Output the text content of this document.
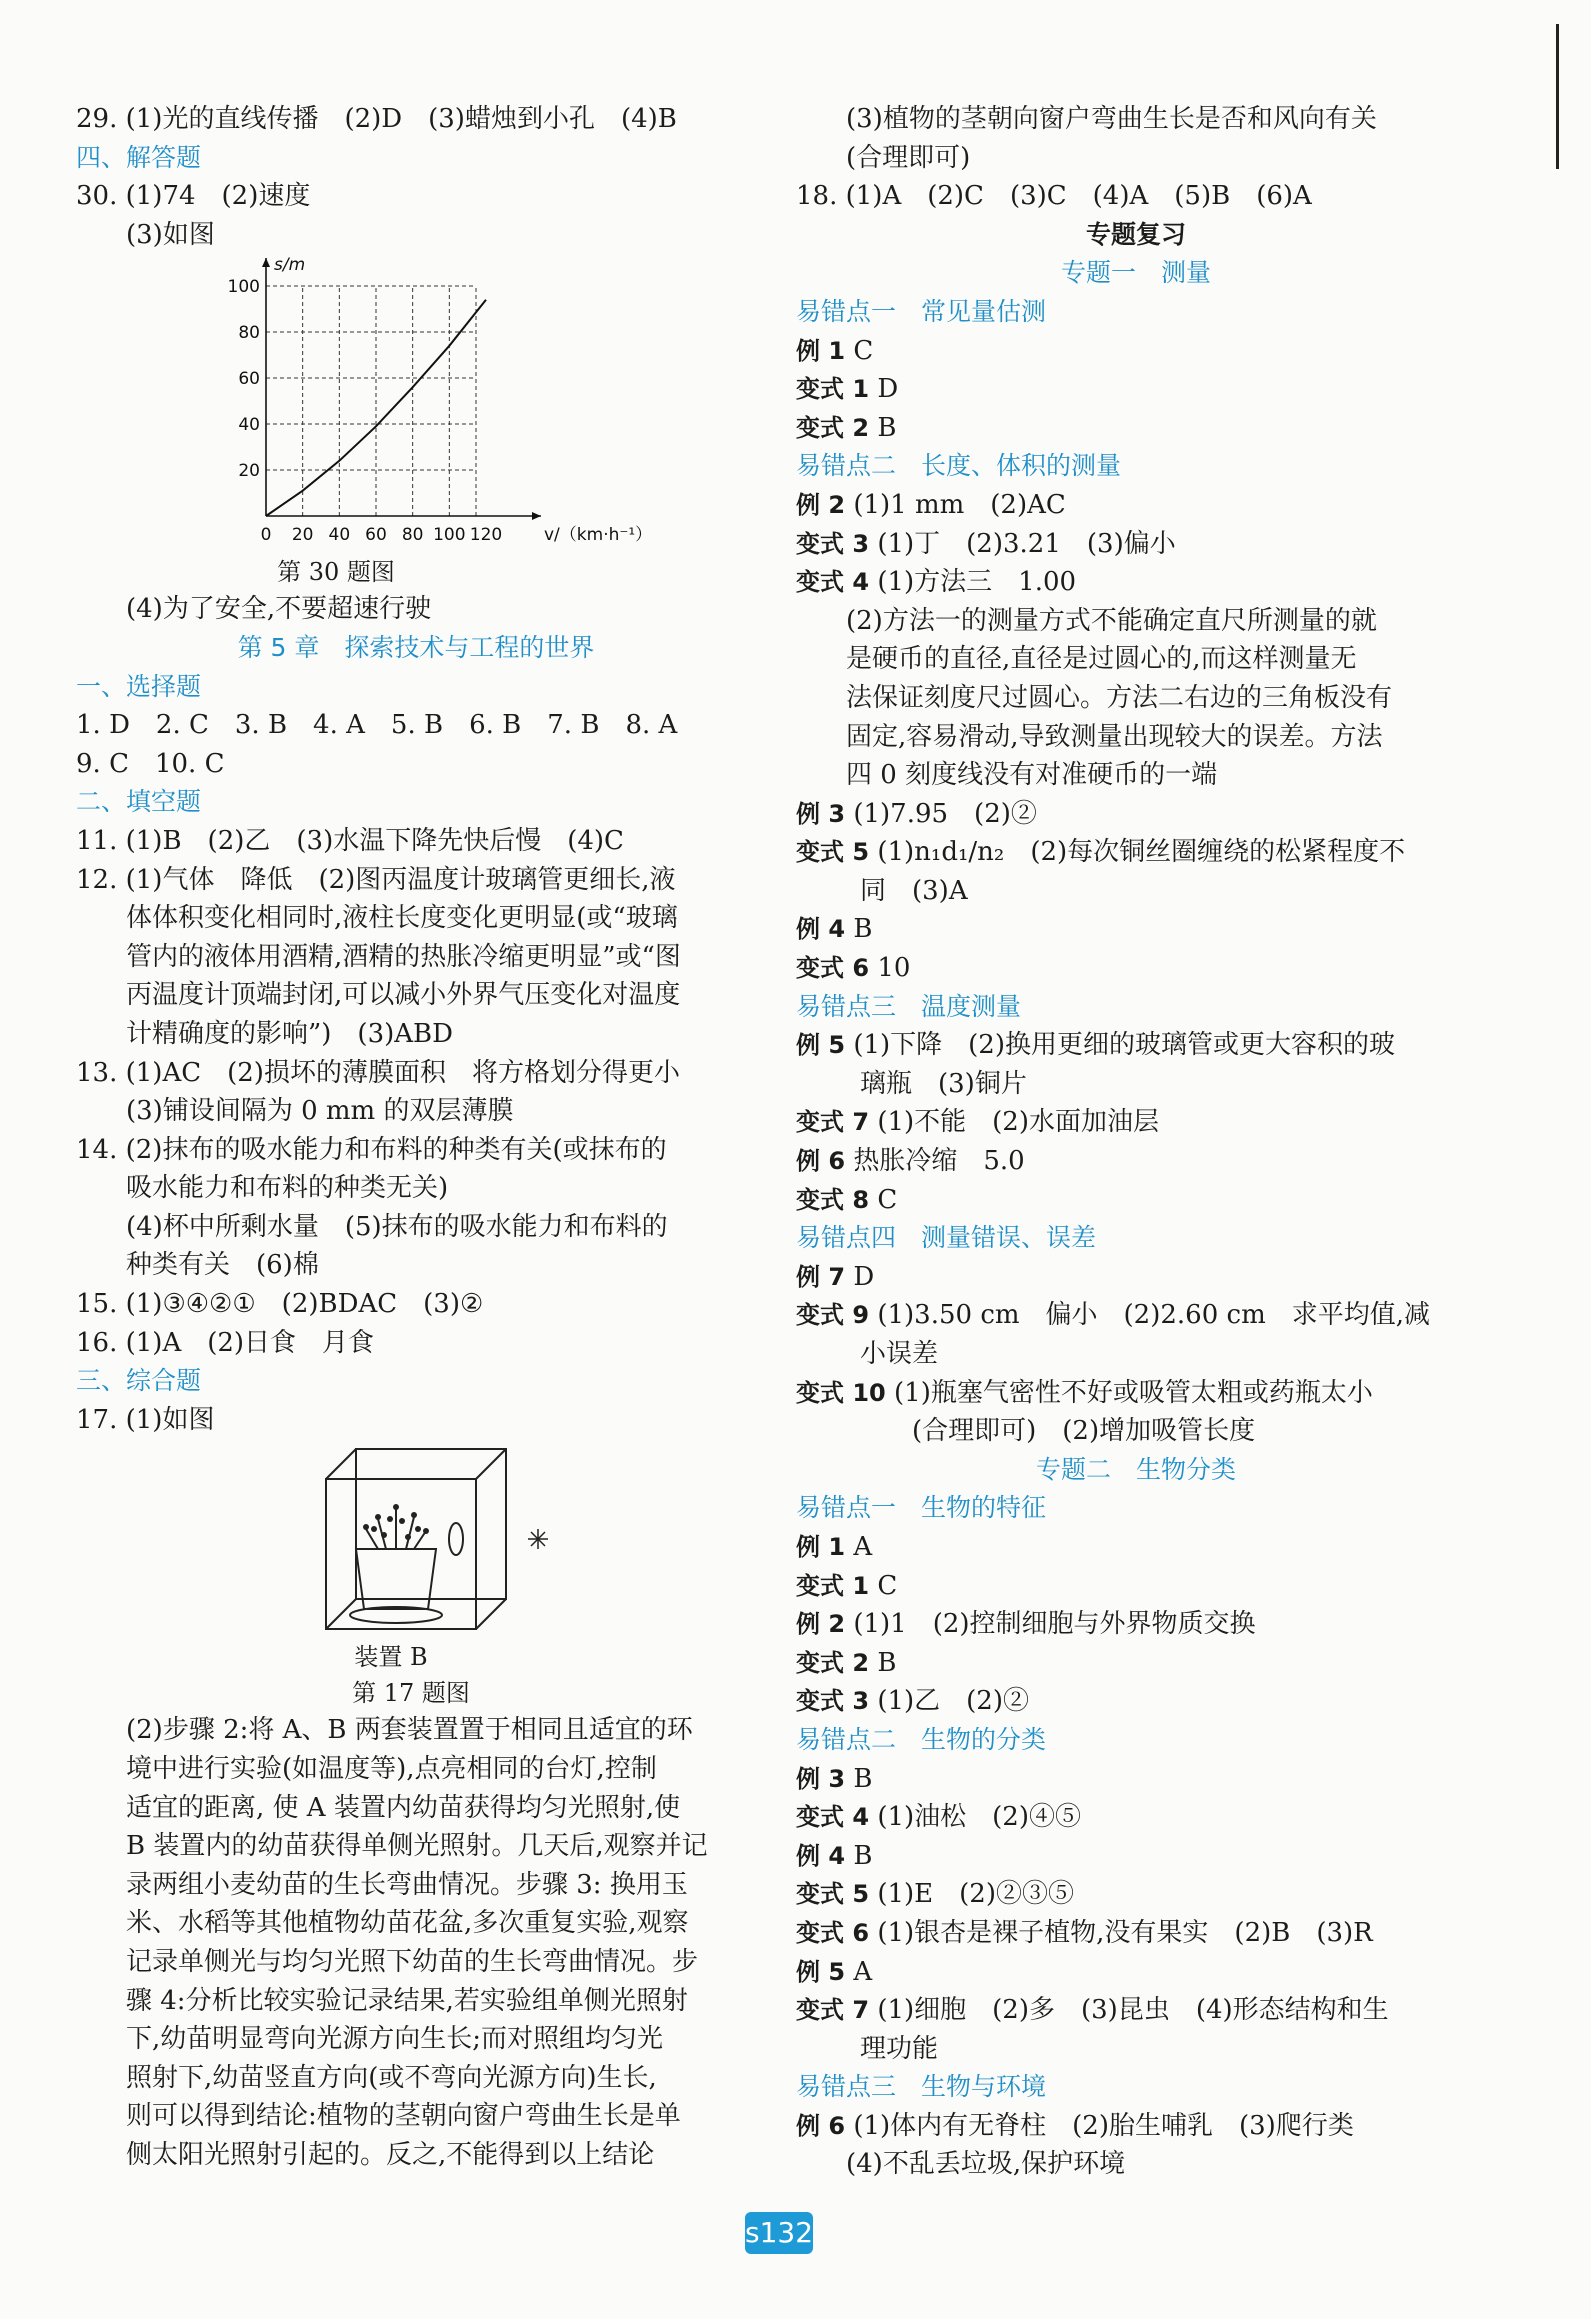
29. (1)光的直线传播　(2)D　(3)蜡烛到小孔　(4)B
四、解答题
30. (1)74　(2)速度
(3)如图
0 20 40 60 80 100 120
20
40
60
80
100
s/m
v/（km·h⁻¹）
第 30 题图
(4)为了安全,不要超速行驶
第 5 章　探索技术与工程的世界
一、选择题
1. D　2. C　3. B　4. A　5. B　6. B　7. B　8. A
9. C　10. C
二、填空题
11. (1)B　(2)乙　(3)水温下降先快后慢　(4)C
12. (1)气体　降低　(2)图丙温度计玻璃管更细长,液
体体积变化相同时,液柱长度变化更明显(或“玻璃
管内的液体用酒精,酒精的热胀冷缩更明显”或“图
丙温度计顶端封闭,可以减小外界气压变化对温度
计精确度的影响”)　(3)ABD
13. (1)AC　(2)损坏的薄膜面积　将方格划分得更小
(3)铺设间隔为 0 mm 的双层薄膜
14. (2)抹布的吸水能力和布料的种类有关(或抹布的
吸水能力和布料的种类无关)
(4)杯中所剩水量　(5)抹布的吸水能力和布料的
种类有关　(6)棉
15. (1)③④②①　(2)BDAC　(3)②
16. (1)A　(2)日食　月食
三、综合题
17. (1)如图
装置 B
第 17 题图
(2)步骤 2:将 A、B 两套装置置于相同且适宜的环
境中进行实验(如温度等),点亮相同的台灯,控制
适宜的距离, 使 A 装置内幼苗获得均匀光照射,使
B 装置内的幼苗获得单侧光照射。几天后,观察并记
录两组小麦幼苗的生长弯曲情况。步骤 3: 换用玉
米、水稻等其他植物幼苗花盆,多次重复实验,观察
记录单侧光与均匀光照下幼苗的生长弯曲情况。步
骤 4:分析比较实验记录结果,若实验组单侧光照射
下,幼苗明显弯向光源方向生长;而对照组均匀光
照射下,幼苗竖直方向(或不弯向光源方向)生长,
则可以得到结论:植物的茎朝向窗户弯曲生长是单
侧太阳光照射引起的。反之,不能得到以上结论
(3)植物的茎朝向窗户弯曲生长是否和风向有关
(合理即可)
18. (1)A　(2)C　(3)C　(4)A　(5)B　(6)A
专题复习
专题一　测量
易错点一　常见量估测
例 1 C
变式 1 D
变式 2 B
易错点二　长度、体积的测量
例 2 (1)1 mm　(2)AC
变式 3 (1)丁　(2)3.21　(3)偏小
变式 4 (1)方法三　1.00
(2)方法一的测量方式不能确定直尺所测量的就
是硬币的直径,直径是过圆心的,而这样测量无
法保证刻度尺过圆心。方法二右边的三角板没有
固定,容易滑动,导致测量出现较大的误差。方法
四 0 刻度线没有对准硬币的一端
例 3 (1)7.95　(2)②
变式 5 (1)n₁d₁/n₂　(2)每次铜丝圈缠绕的松紧程度不
同　(3)A
例 4 B
变式 6 10
易错点三　温度测量
例 5 (1)下降　(2)换用更细的玻璃管或更大容积的玻
璃瓶　(3)铜片
变式 7 (1)不能　(2)水面加油层
例 6 热胀冷缩　5.0
变式 8 C
易错点四　测量错误、误差
例 7 D
变式 9 (1)3.50 cm　偏小　(2)2.60 cm　求平均值,减
小误差
变式 10 (1)瓶塞气密性不好或吸管太粗或药瓶太小
(合理即可)　(2)增加吸管长度
专题二　生物分类
易错点一　生物的特征
例 1 A
变式 1 C
例 2 (1)1　(2)控制细胞与外界物质交换
变式 2 B
变式 3 (1)乙　(2)②
易错点二　生物的分类
例 3 B
变式 4 (1)油松　(2)④⑤
例 4 B
变式 5 (1)E　(2)②③⑤
变式 6 (1)银杏是裸子植物,没有果实　(2)B　(3)R
例 5 A
变式 7 (1)细胞　(2)多　(3)昆虫　(4)形态结构和生
理功能
易错点三　生物与环境
例 6 (1)体内有无脊柱　(2)胎生哺乳　(3)爬行类
(4)不乱丢垃圾,保护环境
s132
